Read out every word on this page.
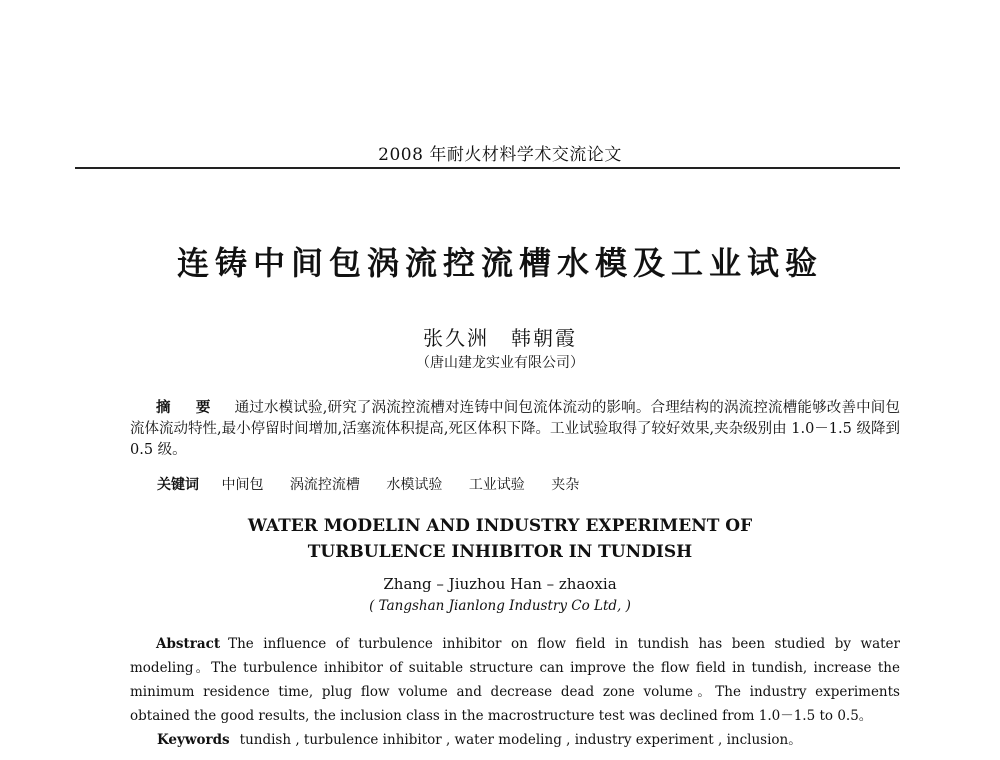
2008 年耐火材料学术交流论文
连铸中间包涡流控流槽水模及工业试验
张久洲　韩朝霞
（唐山建龙实业有限公司）
摘 要 通过水模试验,研究了涡流控流槽对连铸中间包流体流动的影响。合理结构的涡流控流槽能够改善中间包流体流动特性,最小停留时间增加,活塞流体积提高,死区体积下降。工业试验取得了较好效果,夹杂级别由 1.0－1.5 级降到 0.5 级。
关键词 中间包 涡流控流槽 水模试验 工业试验 夹杂
WATER MODELIN AND INDUSTRY EXPERIMENT OF
TURBULENCE INHIBITOR IN TUNDISH
Zhang – Jiuzhou Han – zhaoxia
( Tangshan Jianlong Industry Co Ltd, )
Abstract The influence of turbulence inhibitor on flow field in tundish has been studied by water modeling。The turbulence inhibitor of suitable structure can improve the flow field in tundish, increase the minimum residence time, plug flow volume and decrease dead zone volume。The industry experiments obtained the good results, the inclusion class in the macrostructure test was declined from 1.0－1.5 to 0.5。
Keywords tundish , turbulence inhibitor , water modeling , industry experiment , inclusion。
